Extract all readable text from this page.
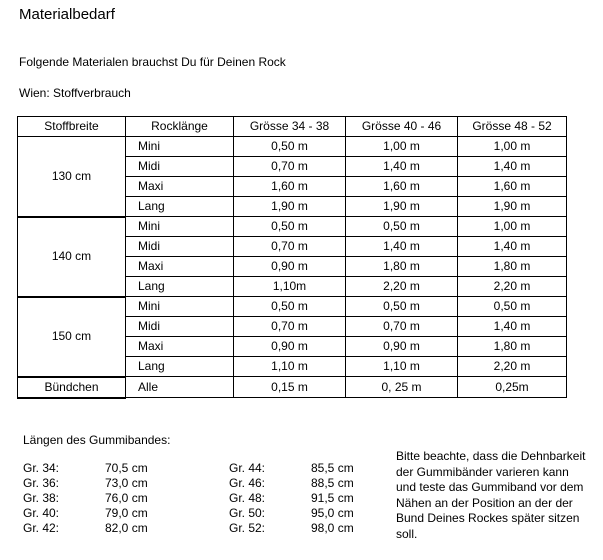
Materialbedarf
Folgende Materialen brauchst Du für Deinen Rock
Wien: Stoffverbrauch
Stoffbreite	Rocklänge	Grösse 34 - 38	Grösse 40 - 46	Grösse 48 - 52
130 cm	Mini	0,50 m	1,00 m	1,00 m
	Midi	0,70 m	1,40 m	1,40 m
	Maxi	1,60 m	1,60 m	1,60 m
	Lang	1,90 m	1,90 m	1,90 m
140 cm	Mini	0,50 m	0,50 m	1,00 m
	Midi	0,70 m	1,40 m	1,40 m
	Maxi	0,90 m	1,80 m	1,80 m
	Lang	1,10m	2,20 m	2,20 m
150 cm	Mini	0,50 m	0,50 m	0,50 m
	Midi	0,70 m	0,70 m	1,40 m
	Maxi	0,90 m	0,90 m	1,80 m
	Lang	1,10 m	1,10 m	2,20 m
Bündchen	Alle	0,15 m	0, 25 m	0,25m
Längen des Gummibandes:
Gr. 34:	70,5 cm
Gr. 36:	73,0 cm
Gr. 38:	76,0 cm
Gr. 40:	79,0 cm
Gr. 42:	82,0 cm
Gr. 44:	85,5 cm
Gr. 46:	88,5 cm
Gr. 48:	91,5 cm
Gr. 50:	95,0 cm
Gr. 52:	98,0 cm
Bitte beachte, dass die Dehnbarkeit der Gummibänder varieren kann und teste das Gummiband vor dem Nähen an der Position an der der Bund Deines Rockes später sitzen soll.
